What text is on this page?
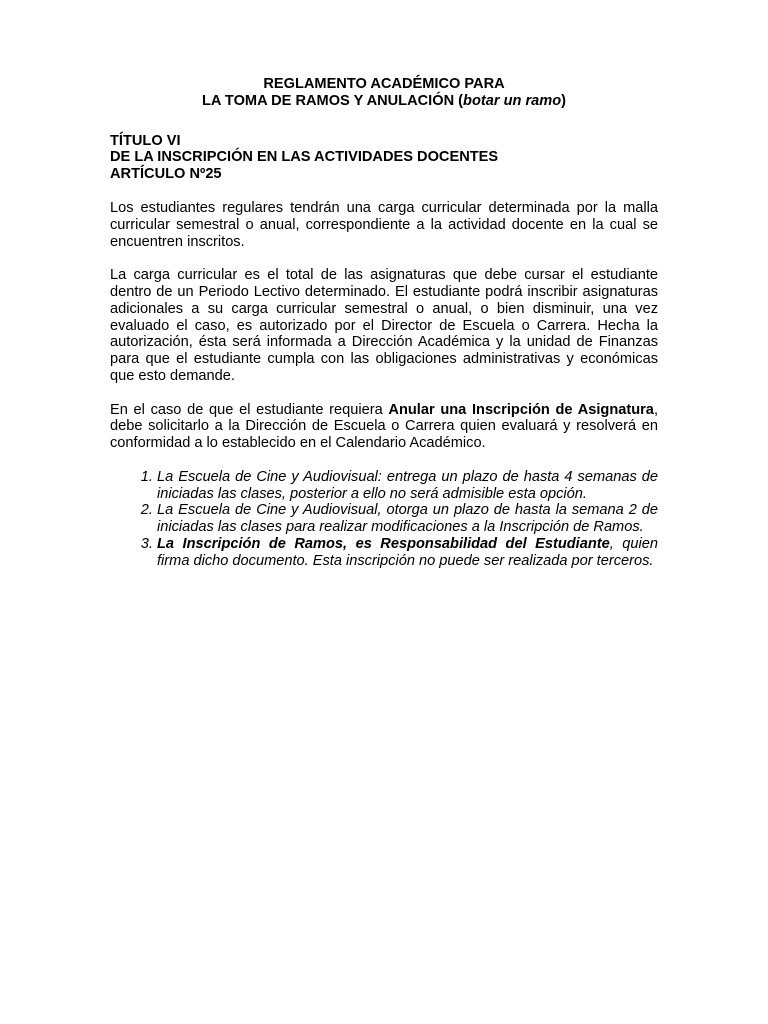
REGLAMENTO ACADÉMICO PARA
LA TOMA DE RAMOS Y ANULACIÓN (botar un ramo)
TÍTULO VI
DE LA INSCRIPCIÓN EN LAS ACTIVIDADES DOCENTES
ARTÍCULO Nº25

Los estudiantes regulares tendrán una carga curricular determinada por la malla curricular semestral o anual, correspondiente a la actividad docente en la cual se encuentren inscritos.

La carga curricular es el total de las asignaturas que debe cursar el estudiante dentro de un Periodo Lectivo determinado. El estudiante podrá inscribir asignaturas adicionales a su carga curricular semestral o anual, o bien disminuir, una vez evaluado el caso, es autorizado por el Director de Escuela o Carrera. Hecha la autorización, ésta será informada a Dirección Académica y la unidad de Finanzas para que el estudiante cumpla con las obligaciones administrativas y económicas que esto demande.

En el caso de que el estudiante requiera Anular una Inscripción de Asignatura, debe solicitarlo a la Dirección de Escuela o Carrera quien evaluará y resolverá en conformidad a lo establecido en el Calendario Académico.

1. La Escuela de Cine y Audiovisual: entrega un plazo de hasta 4 semanas de iniciadas las clases, posterior a ello no será admisible esta opción.
2. La Escuela de Cine y Audiovisual, otorga un plazo de hasta la semana 2 de iniciadas las clases para realizar modificaciones a la Inscripción de Ramos.
3. La Inscripción de Ramos, es Responsabilidad del Estudiante, quien firma dicho documento. Esta inscripción no puede ser realizada por terceros.
